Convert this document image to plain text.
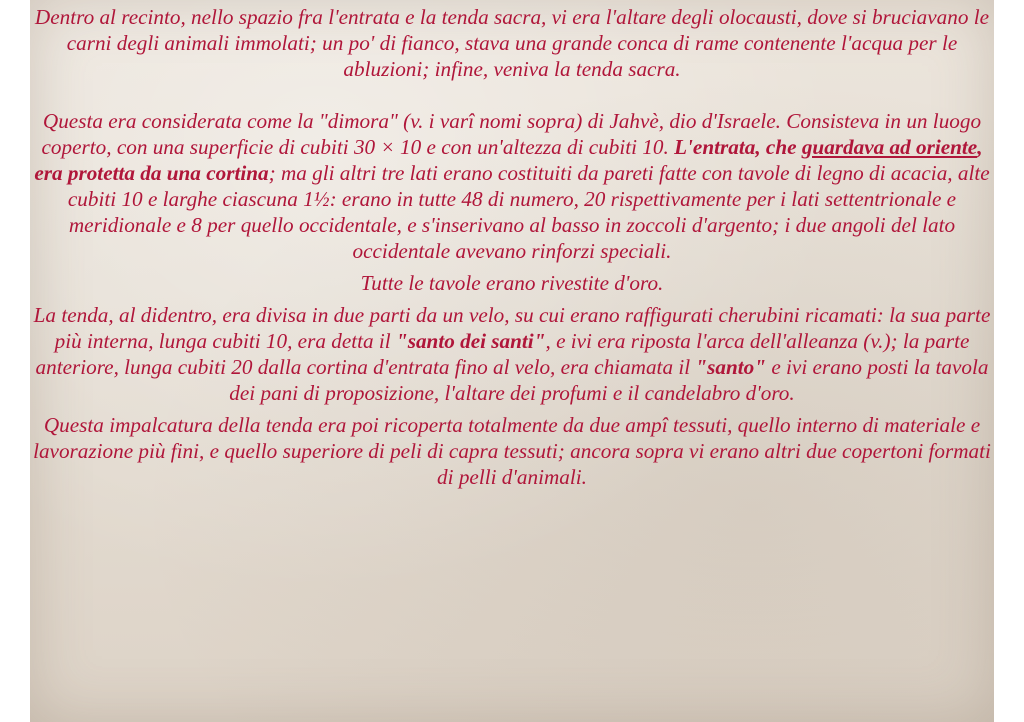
Dentro al recinto, nello spazio fra l'entrata e la tenda sacra, vi era l'altare degli olocausti, dove si bruciavano le carni degli animali immolati; un po' di fianco, stava una grande conca di rame contenente l'acqua per le abluzioni; infine, veniva la tenda sacra.

Questa era considerata come la "dimora" (v. i varî nomi sopra) di Jahvè, dio d'Israele. Consisteva in un luogo coperto, con una superficie di cubiti 30 × 10 e con un'altezza di cubiti 10. L'entrata, che guardava ad oriente, era protetta da una cortina; ma gli altri tre lati erano costituiti da pareti fatte con tavole di legno di acacia, alte cubiti 10 e larghe ciascuna 1½: erano in tutte 48 di numero, 20 rispettivamente per i lati settentrionale e meridionale e 8 per quello occidentale, e s'inserivano al basso in zoccoli d'argento; i due angoli del lato occidentale avevano rinforzi speciali.

Tutte le tavole erano rivestite d'oro.

La tenda, al didentro, era divisa in due parti da un velo, su cui erano raffigurati cherubini ricamati: la sua parte più interna, lunga cubiti 10, era detta il "santo dei santi", e ivi era riposta l'arca dell'alleanza (v.); la parte anteriore, lunga cubiti 20 dalla cortina d'entrata fino al velo, era chiamata il "santo" e ivi erano posti la tavola dei pani di proposizione, l'altare dei profumi e il candelabro d'oro.

Questa impalcatura della tenda era poi ricoperta totalmente da due ampî tessuti, quello interno di materiale e lavorazione più fini, e quello superiore di peli di capra tessuti; ancora sopra vi erano altri due copertoni formati di pelli d'animali.
